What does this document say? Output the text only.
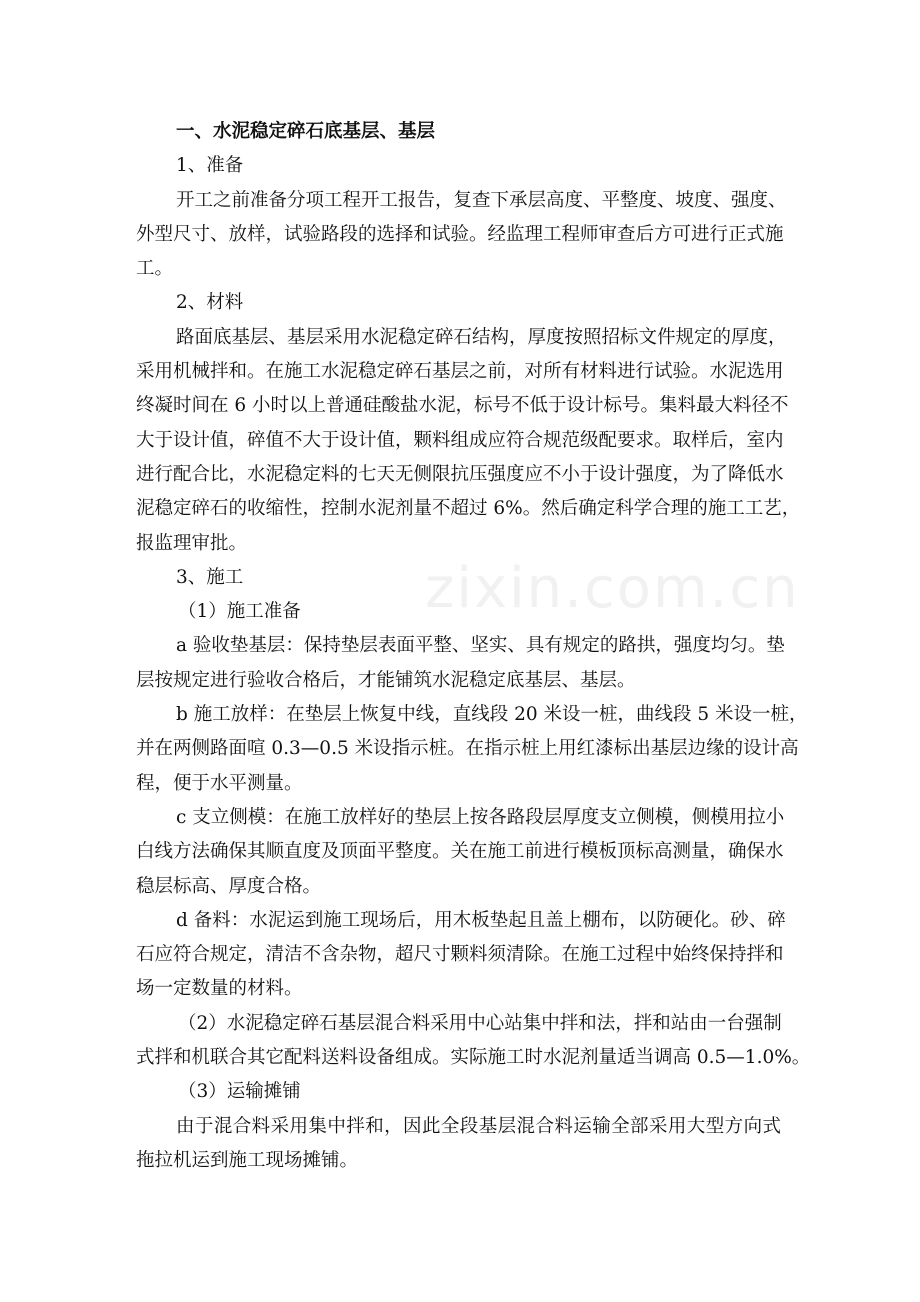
zixin.com.cn
一、水泥稳定碎石底基层、基层
1、准备
开工之前准备分项工程开工报告，复查下承层高度、平整度、坡度、强度、
外型尺寸、放样，试验路段的选择和试验。经监理工程师审查后方可进行正式施
工。
2、材料
路面底基层、基层采用水泥稳定碎石结构，厚度按照招标文件规定的厚度，
采用机械拌和。在施工水泥稳定碎石基层之前，对所有材料进行试验。水泥选用
终凝时间在 6 小时以上普通硅酸盐水泥，标号不低于设计标号。集料最大料径不
大于设计值，碎值不大于设计值，颗料组成应符合规范级配要求。取样后，室内
进行配合比，水泥稳定料的七天无侧限抗压强度应不小于设计强度，为了降低水
泥稳定碎石的收缩性，控制水泥剂量不超过 6%。然后确定科学合理的施工工艺，
报监理审批。
3、施工
（1）施工准备
a 验收垫基层：保持垫层表面平整、坚实、具有规定的路拱，强度均匀。垫
层按规定进行验收合格后，才能铺筑水泥稳定底基层、基层。
b 施工放样：在垫层上恢复中线，直线段 20 米设一桩，曲线段 5 米设一桩，
并在两侧路面喧 0.3—0.5 米设指示桩。在指示桩上用红漆标出基层边缘的设计高
程，便于水平测量。
c 支立侧模：在施工放样好的垫层上按各路段层厚度支立侧模，侧模用拉小
白线方法确保其顺直度及顶面平整度。关在施工前进行模板顶标高测量，确保水
稳层标高、厚度合格。
d 备料：水泥运到施工现场后，用木板垫起且盖上棚布，以防硬化。砂、碎
石应符合规定，清洁不含杂物，超尺寸颗料须清除。在施工过程中始终保持拌和
场一定数量的材料。
（2）水泥稳定碎石基层混合料采用中心站集中拌和法，拌和站由一台强制
式拌和机联合其它配料送料设备组成。实际施工时水泥剂量适当调高 0.5—1.0%。
（3）运输摊铺
由于混合料采用集中拌和，因此全段基层混合料运输全部采用大型方向式
拖拉机运到施工现场摊铺。
